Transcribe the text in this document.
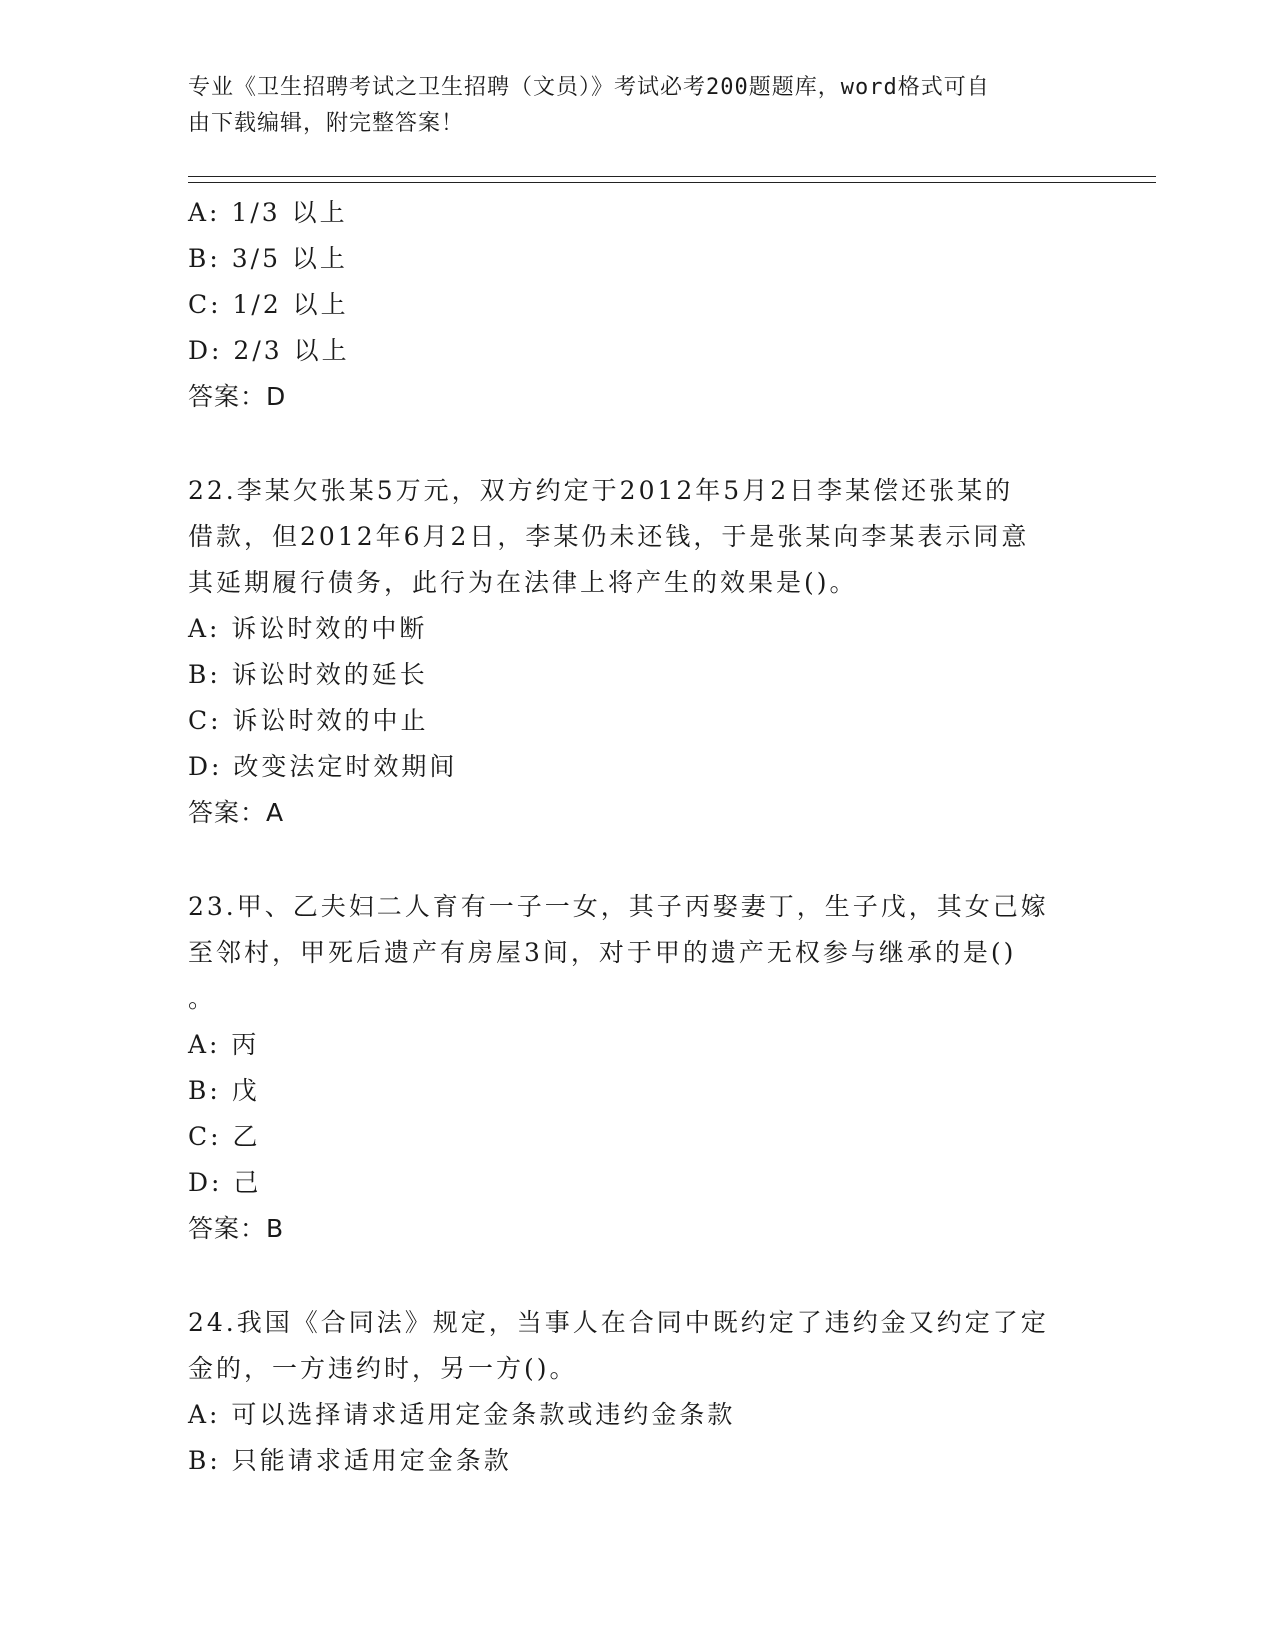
专业《卫生招聘考试之卫生招聘（文员）》考试必考200题题库，word格式可自
由下载编辑，附完整答案！
A: 1/3 以上
B: 3/5 以上
C: 1/2 以上
D: 2/3 以上
答案：D
22.李某欠张某5万元，双方约定于2012年5月2日李某偿还张某的
借款，但2012年6月2日，李某仍未还钱，于是张某向李某表示同意
其延期履行债务，此行为在法律上将产生的效果是()。
A: 诉讼时效的中断
B: 诉讼时效的延长
C: 诉讼时效的中止
D: 改变法定时效期间
答案：A
23.甲、乙夫妇二人育有一子一女，其子丙娶妻丁，生子戊，其女己嫁
至邻村，甲死后遗产有房屋3间，对于甲的遗产无权参与继承的是()
。
A: 丙
B: 戊
C: 乙
D: 己
答案：B
24.我国《合同法》规定，当事人在合同中既约定了违约金又约定了定
金的，一方违约时，另一方()。
A: 可以选择请求适用定金条款或违约金条款
B: 只能请求适用定金条款
